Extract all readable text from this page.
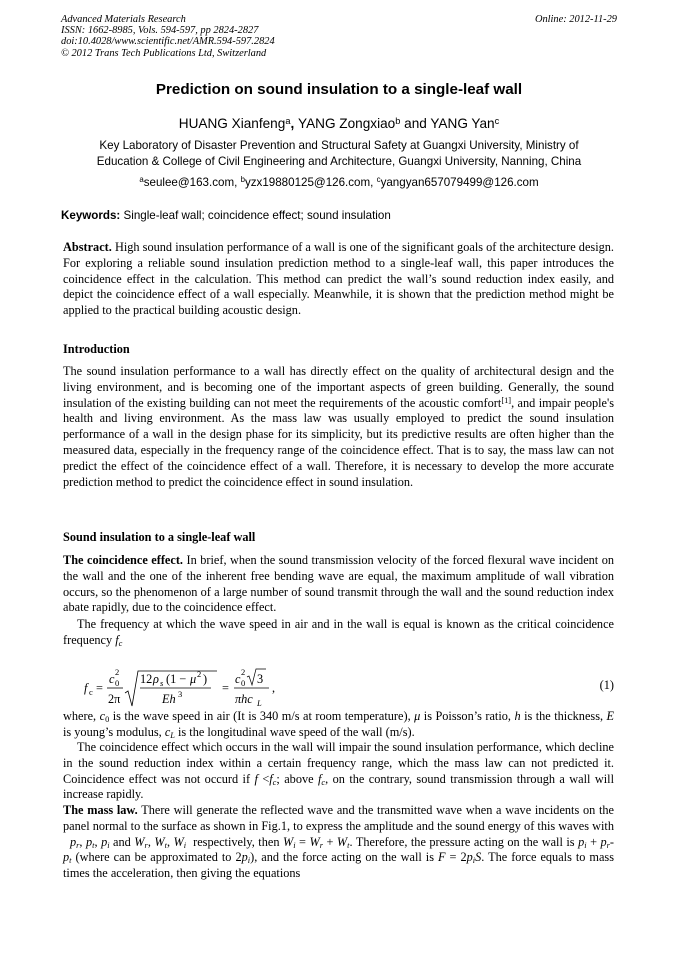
Advanced Materials Research	Online: 2012-11-29
ISSN: 1662-8985, Vols. 594-597, pp 2824-2827
doi:10.4028/www.scientific.net/AMR.594-597.2824
© 2012 Trans Tech Publications Ltd, Switzerland
Prediction on sound insulation to a single-leaf wall
HUANG Xianfeng$^a$, YANG Zongxiao$^b$ and YANG Yan$^c$
Key Laboratory of Disaster Prevention and Structural Safety at Guangxi University, Ministry of
Education & College of Civil Engineering and Architecture, Guangxi University, Nanning, China
$^a$seulee@163.com, $^b$yzx19880125@126.com, $^c$yangyan657079499@126.com
Keywords: Single-leaf wall; coincidence effect; sound insulation

Abstract. High sound insulation performance of a wall is one of the significant goals of the architecture design. For exploring a reliable sound insulation prediction method to a single-leaf wall, this paper introduces the coincidence effect in the calculation. This method can predict the wall’s sound reduction index easily, and depict the coincidence effect of a wall especially. Meanwhile, it is shown that the prediction method might be applied to the practical building acoustic design.

Introduction

The sound insulation performance to a wall has directly effect on the quality of architectural design and the living environment, and is becoming one of the important aspects of green building. Generally, the sound insulation of the existing building can not meet the requirements of the acoustic comfort[1], and impair people's health and living environment. As the mass law was usually employed to predict the sound insulation performance of a wall in the design phase for its simplicity, but its predictive results are often higher than the measured data, especially in the frequency range of the coincidence effect. That is to say, the mass law can not predict the effect of the coincidence effect of a wall. Therefore, it is necessary to develop the more accurate prediction method to predict the coincidence effect in sound insulation.

Sound insulation to a single-leaf wall

The coincidence effect. In brief, when the sound transmission velocity of the forced flexural wave incident on the wall and the one of the inherent free bending wave are equal, the maximum amplitude of wall vibration occurs, so the phenomenon of a large number of sound transmit through the wall and the sound reduction index abate rapidly, due to the coincidence effect.

The frequency at which the wave speed in air and in the wall is equal is known as the critical coincidence frequency $f_c$

f c =
c 0
2
2π
12 ρ s (1 − μ 2 )
Eh 3	=
c 0
2 3
πhc L
,	(1)

where, $c_0$ is the wave speed in air (It is 340 m/s at room temperature), μ is Poisson’s ratio, h is the thickness, E is young’s modulus, $c_L$ is the longitudinal wave speed of the wall (m/s).

The coincidence effect which occurs in the wall will impair the sound insulation performance, which decline in the sound reduction index within a certain frequency range, which the mass law can not predicted it. Coincidence effect was not occurd if $f <f_c$; above $f_c$, on the contrary, sound transmission through a wall will increase rapidly.

The mass law. There will generate the reflected wave and the transmitted wave when a wave incidents on the panel normal to the surface as shown in Fig.1, to express the amplitude and the sound energy of this waves with   $p_r$, $p_t$, $p_i$ and $W_r$, $W_t$, $W_i$ respectively, then $W_i = W_r + W_t$. Therefore, the pressure acting on the wall is $p_i + p_r-$ $p_t$ (where can be approximated to $2p_i$), and the force acting on the wall is $F = 2p_iS$. The force equals to mass times the acceleration, then giving the equations
